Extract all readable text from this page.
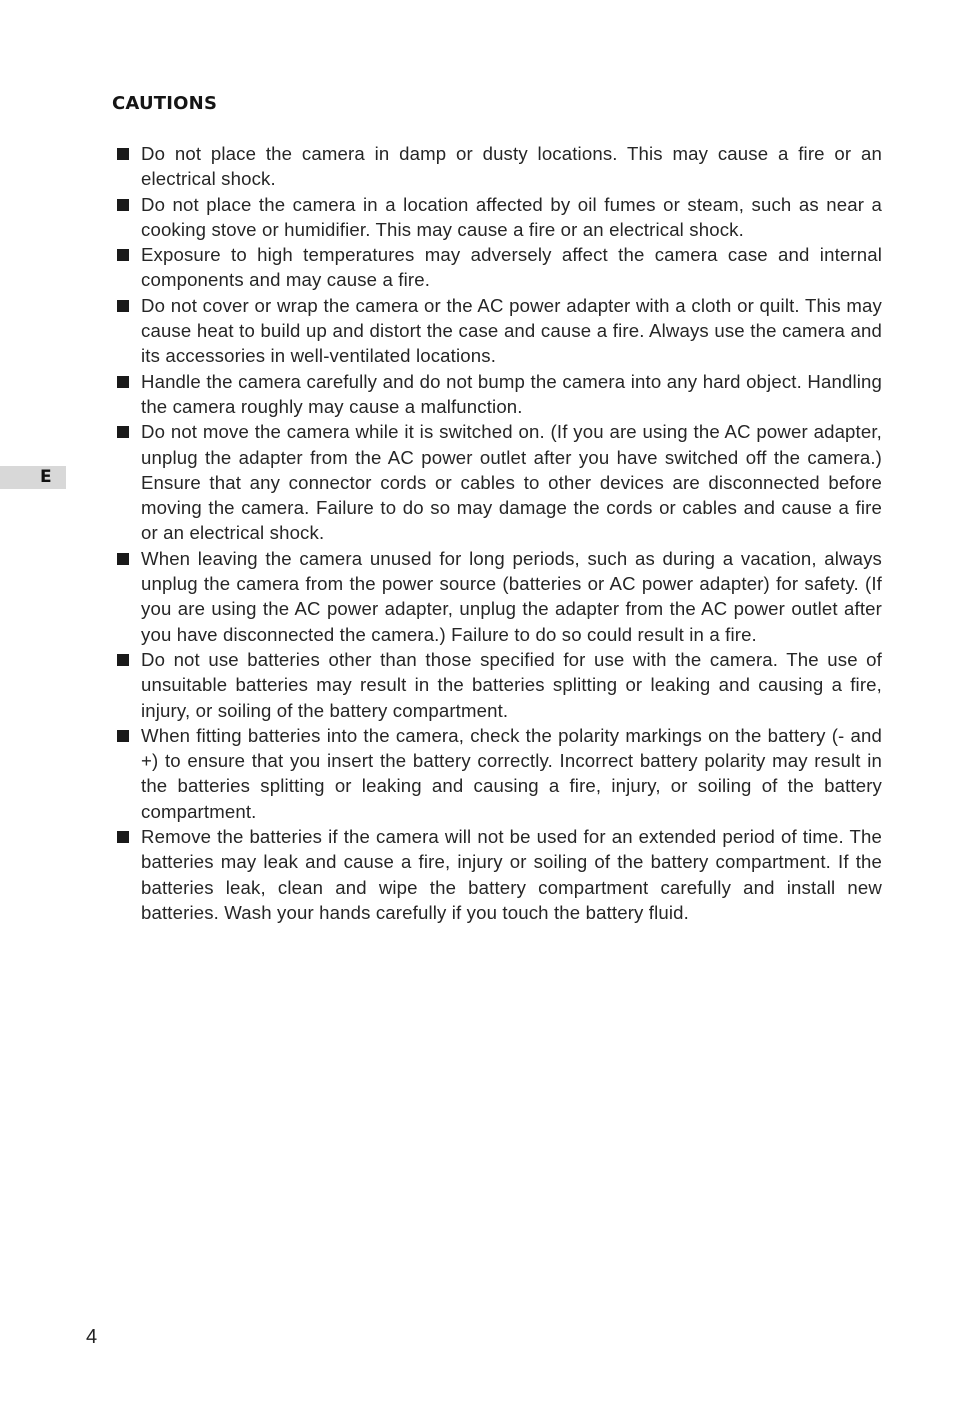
CAUTIONS
Do not place the camera in damp or dusty locations. This may cause a fire or an electrical shock.
Do not place the camera in a location affected by oil fumes or steam, such as near a cooking stove or humidifier. This may cause a fire or an electrical shock.
Exposure to high temperatures may adversely affect the camera case and internal components and may cause a fire.
Do not cover or wrap the camera or the AC power adapter with a cloth or quilt. This may cause heat to build up and distort the case and cause a fire. Always use the camera and its accessories in well-ventilated locations.
Handle the camera carefully and do not bump the camera into any hard object. Handling the camera roughly may cause a malfunction.
Do not move the camera while it is switched on. (If you are using the AC power adapter, unplug the adapter from the AC power outlet after you have switched off the camera.) Ensure that any connector cords or cables to other devices are disconnected before moving the camera. Failure to do so may damage the cords or cables and cause a fire or an electrical shock.
When leaving the camera unused for long periods, such as during a vacation, always unplug the camera from the power source (batteries or AC power adapter) for safety. (If you are using the AC power adapter, unplug the adapter from the AC power outlet after you have disconnected the camera.) Failure to do so could result in a fire.
Do not use batteries other than those specified for use with the camera. The use of unsuitable batteries may result in the batteries splitting or leaking and causing a fire, injury, or soiling of the battery compartment.
When fitting batteries into the camera, check the polarity markings on the battery (- and +) to ensure that you insert the battery correctly. Incorrect battery polarity may result in the batteries splitting or leaking and causing a fire, injury, or soiling of the battery compartment.
Remove the batteries if the camera will not be used for an extended period of time. The batteries may leak and cause a fire, injury or soiling of the battery compartment. If the batteries leak, clean and wipe the battery compartment carefully and install new batteries. Wash your hands carefully if you touch the battery fluid.
E
4
